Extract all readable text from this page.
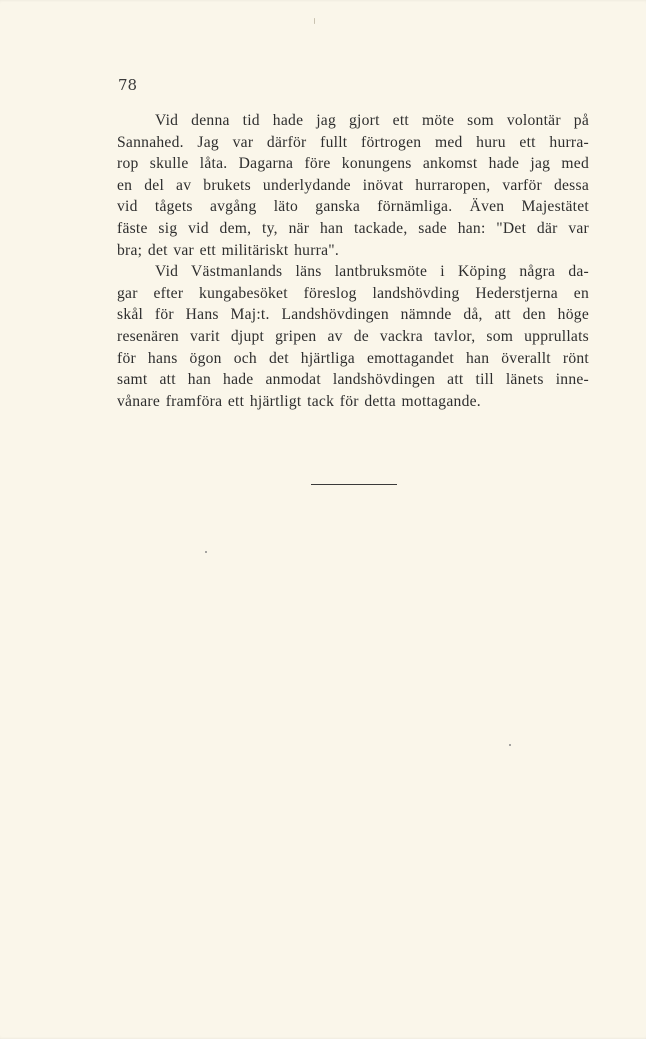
78

Vid denna tid hade jag gjort ett möte som volontär på
Sannahed. Jag var därför fullt förtrogen med huru ett hurra-
rop skulle låta. Dagarna före konungens ankomst hade jag med
en del av brukets underlydande inövat hurraropen, varför dessa
vid tågets avgång läto ganska förnämliga. Även Majestätet
fäste sig vid dem, ty, när han tackade, sade han: "Det där var
bra; det var ett militäriskt hurra".
Vid Västmanlands läns lantbruksmöte i Köping några da-
gar efter kungabesöket föreslog landshövding Hederstjerna en
skål för Hans Maj:t. Landshövdingen nämnde då, att den höge
resenären varit djupt gripen av de vackra tavlor, som upprullats
för hans ögon och det hjärtliga emottagandet han överallt rönt
samt att han hade anmodat landshövdingen att till länets inne-
vånare framföra ett hjärtligt tack för detta mottagande.
